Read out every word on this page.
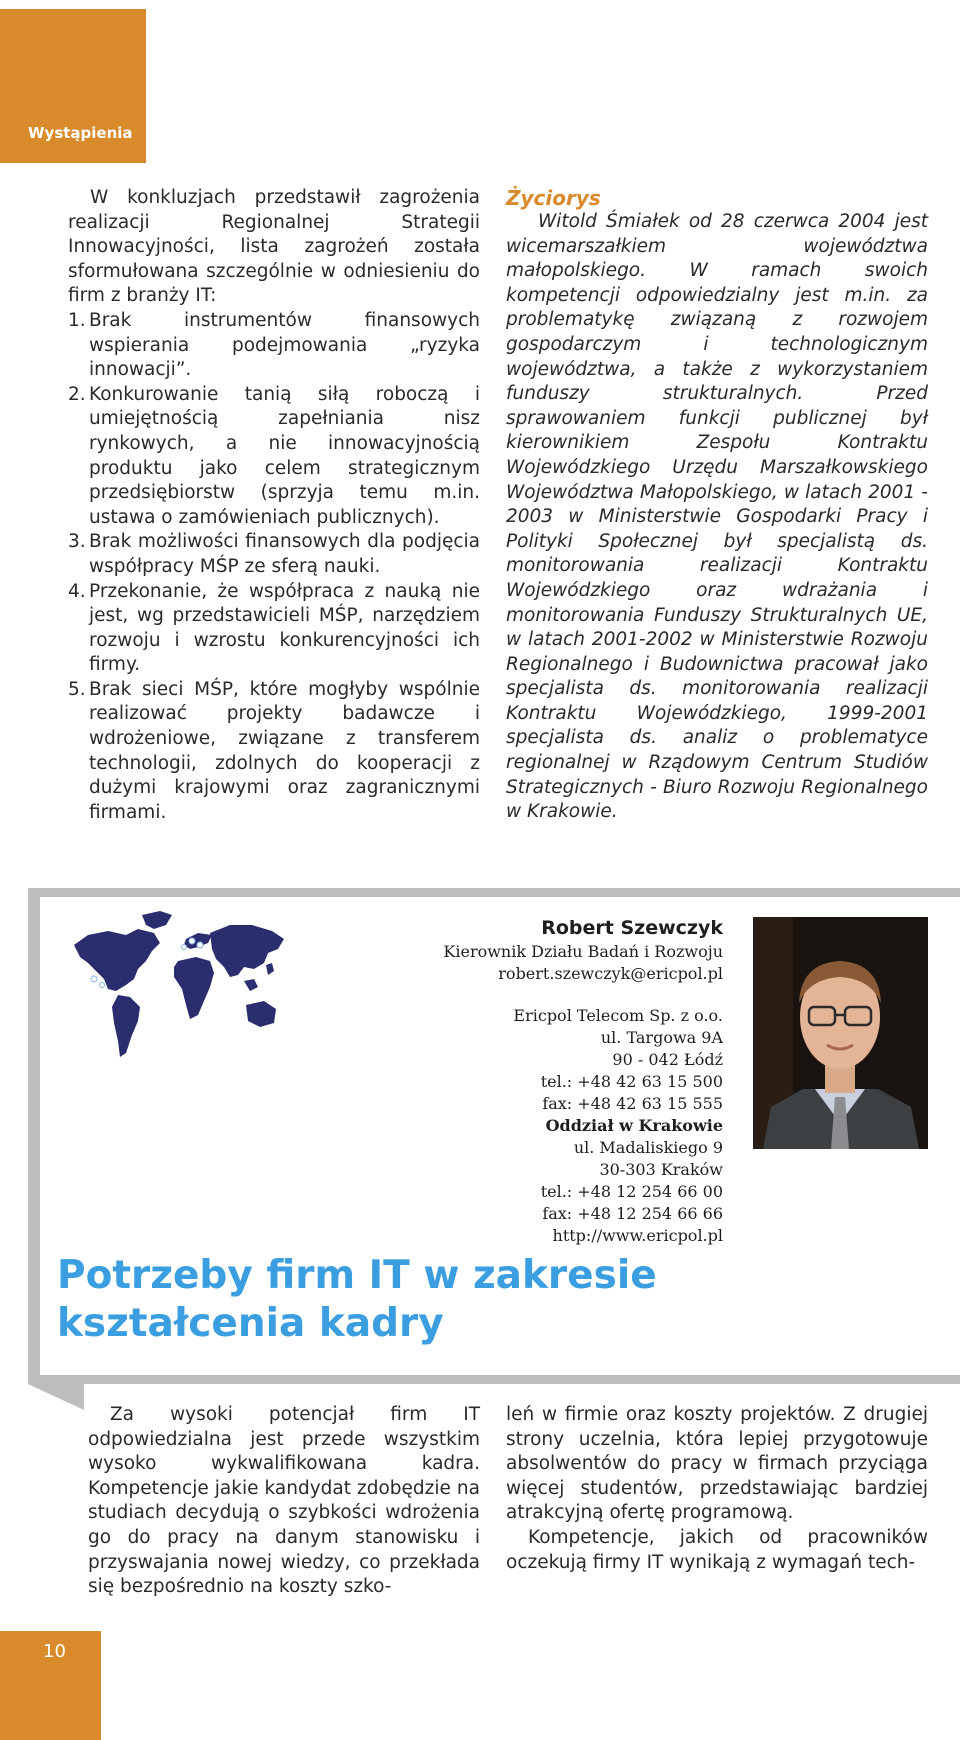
Wystąpienia

W konkluzjach przedstawił zagrożenia realizacji Regionalnej Strategii Innowacyjności, lista zagrożeń została sformułowana szczególnie w odniesieniu do firm z branży IT:

1. Brak instrumentów finansowych wspierania podejmowania „ryzyka innowacji”.
2. Konkurowanie tanią siłą roboczą i umiejętnością zapełniania nisz rynkowych, a nie innowacyjnością produktu jako celem strategicznym przedsiębiorstw (sprzyja temu m.in. ustawa o zamówieniach publicznych).
3. Brak możliwości finansowych dla podjęcia współpracy MŚP ze sferą nauki.
4. Przekonanie, że współpraca z nauką nie jest, wg przedstawicieli MŚP, narzędziem rozwoju i wzrostu konkurencyjności ich firmy.
5. Brak sieci MŚP, które mogłyby wspólnie realizować projekty badawcze i wdrożeniowe, związane z transferem technologii, zdolnych do kooperacji z dużymi krajowymi oraz zagranicznymi firmami.

Życiorys

Witold Śmiałek od 28 czerwca 2004 jest wicemarszałkiem województwa małopolskiego. W ramach swoich kompetencji odpowiedzialny jest m.in. za problematykę związaną z rozwojem gospodarczym i technologicznym województwa, a także z wykorzystaniem funduszy strukturalnych. Przed sprawowaniem funkcji publicznej był kierownikiem Zespołu Kontraktu Wojewódzkiego Urzędu Marszałkowskiego Województwa Małopolskiego, w latach 2001 - 2003 w Ministerstwie Gospodarki Pracy i Polityki Społecznej był specjalistą ds. monitorowania realizacji Kontraktu Wojewódzkiego oraz wdrażania i monitorowania Funduszy Strukturalnych UE, w latach 2001-2002 w Ministerstwie Rozwoju Regionalnego i Budownictwa pracował jako specjalista ds. monitorowania realizacji Kontraktu Wojewódzkiego, 1999-2001 specjalista ds. analiz o problematyce regionalnej w Rządowym Centrum Studiów Strategicznych - Biuro Rozwoju Regionalnego w Krakowie.

Robert Szewczyk
Kierownik Działu Badań i Rozwoju
robert.szewczyk@ericpol.pl
Ericpol Telecom Sp. z o.o.
ul. Targowa 9A
90 - 042 Łódź
tel.: +48 42 63 15 500
fax: +48 42 63 15 555
Oddział w Krakowie
ul. Madaliskiego 9
30-303 Kraków
tel.: +48 12 254 66 00
fax: +48 12 254 66 66
http://www.ericpol.pl
Potrzeby firm IT w zakresie kształcenia kadry

Za wysoki potencjał firm IT odpowiedzialna jest przede wszystkim wysoko wykwalifikowana kadra. Kompetencje jakie kandydat zdobędzie na studiach decydują o szybkości wdrożenia go do pracy na danym stanowisku i przyswajania nowej wiedzy, co przekłada się bezpośrednio na koszty szko-

leń w firmie oraz koszty projektów. Z drugiej strony uczelnia, która lepiej przygotowuje absolwentów do pracy w firmach przyciąga więcej studentów, przedstawiając bardziej atrakcyjną ofertę programową.

Kompetencje, jakich od pracowników oczekują firmy IT wynikają z wymagań tech-

10
